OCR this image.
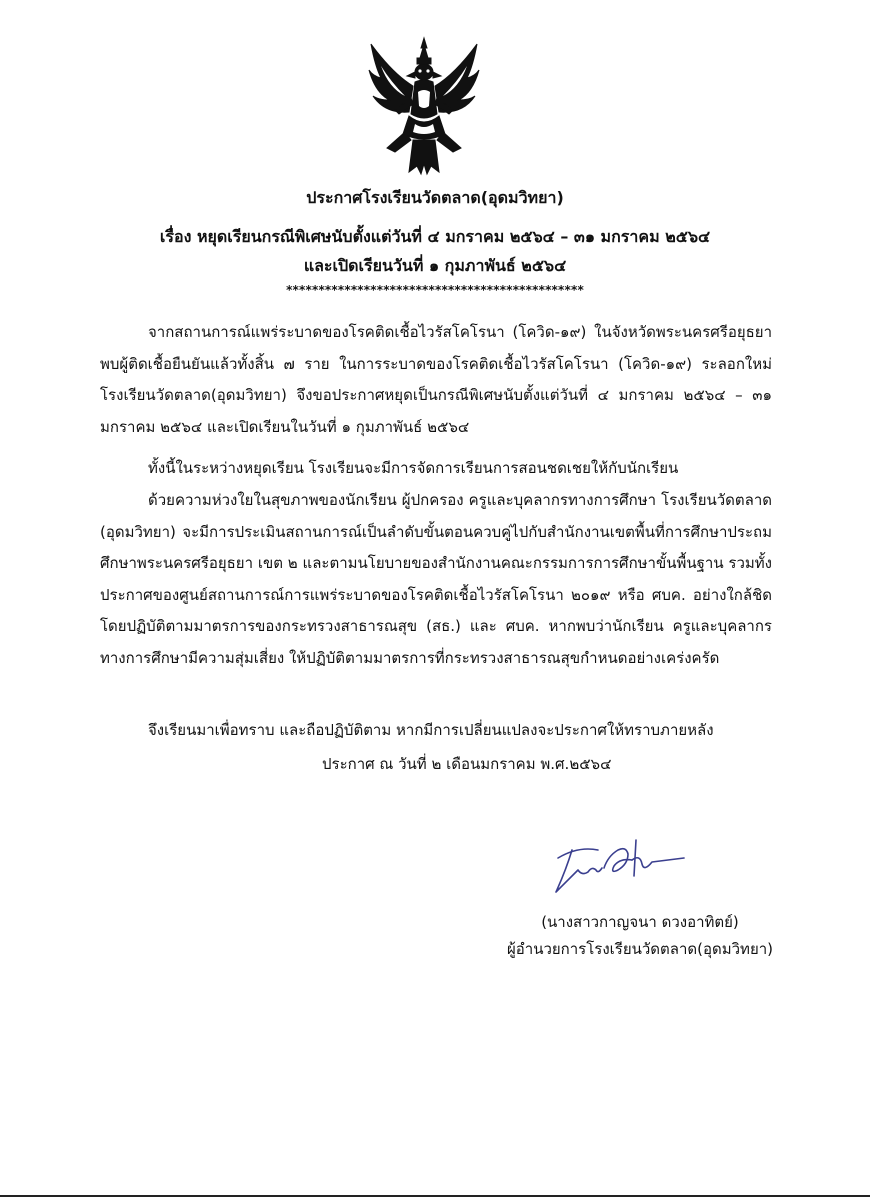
ประกาศโรงเรียนวัดตลาด(อุดมวิทยา)
เรื่อง หยุดเรียนกรณีพิเศษนับตั้งแต่วันที่ ๔ มกราคม ๒๕๖๔ – ๓๑ มกราคม ๒๕๖๔
และเปิดเรียนวันที่ ๑ กุมภาพันธ์ ๒๕๖๔
**********************************************
จากสถานการณ์แพร่ระบาดของโรคติดเชื้อไวรัสโคโรนา (โควิด-๑๙) ในจังหวัดพระนครศรีอยุธยา พบผู้ติดเชื้อยืนยันแล้วทั้งสิ้น ๗ ราย ในการระบาดของโรคติดเชื้อไวรัสโคโรนา (โควิด-๑๙) ระลอกใหม่ โรงเรียนวัดตลาด(อุดมวิทยา) จึงขอประกาศหยุดเป็นกรณีพิเศษนับตั้งแต่วันที่ ๔ มกราคม ๒๕๖๔ – ๓๑ มกราคม ๒๕๖๔ และเปิดเรียนในวันที่ ๑ กุมภาพันธ์ ๒๕๖๔
ทั้งนี้ในระหว่างหยุดเรียน โรงเรียนจะมีการจัดการเรียนการสอนชดเชยให้กับนักเรียน
ด้วยความห่วงใยในสุขภาพของนักเรียน ผู้ปกครอง ครูและบุคลากรทางการศึกษา โรงเรียนวัดตลาด (อุดมวิทยา) จะมีการประเมินสถานการณ์เป็นลำดับขั้นตอนควบคู่ไปกับสำนักงานเขตพื้นที่การศึกษาประถมศึกษาพระนครศรีอยุธยา เขต ๒ และตามนโยบายของสำนักงานคณะกรรมการการศึกษาขั้นพื้นฐาน รวมทั้งประกาศของศูนย์สถานการณ์การแพร่ระบาดของโรคติดเชื้อไวรัสโคโรนา ๒๐๑๙ หรือ ศบค. อย่างใกล้ชิด โดยปฏิบัติตามมาตรการของกระทรวงสาธารณสุข (สธ.) และ ศบค. หากพบว่านักเรียน ครูและบุคลากรทางการศึกษามีความสุ่มเสี่ยง ให้ปฏิบัติตามมาตรการที่กระทรวงสาธารณสุขกำหนดอย่างเคร่งครัด
จึงเรียนมาเพื่อทราบ และถือปฏิบัติตาม หากมีการเปลี่ยนแปลงจะประกาศให้ทราบภายหลัง
ประกาศ ณ วันที่ ๒ เดือนมกราคม พ.ศ.๒๕๖๔
(นางสาวกาญจนา ดวงอาทิตย์)
ผู้อำนวยการโรงเรียนวัดตลาด(อุดมวิทยา)
